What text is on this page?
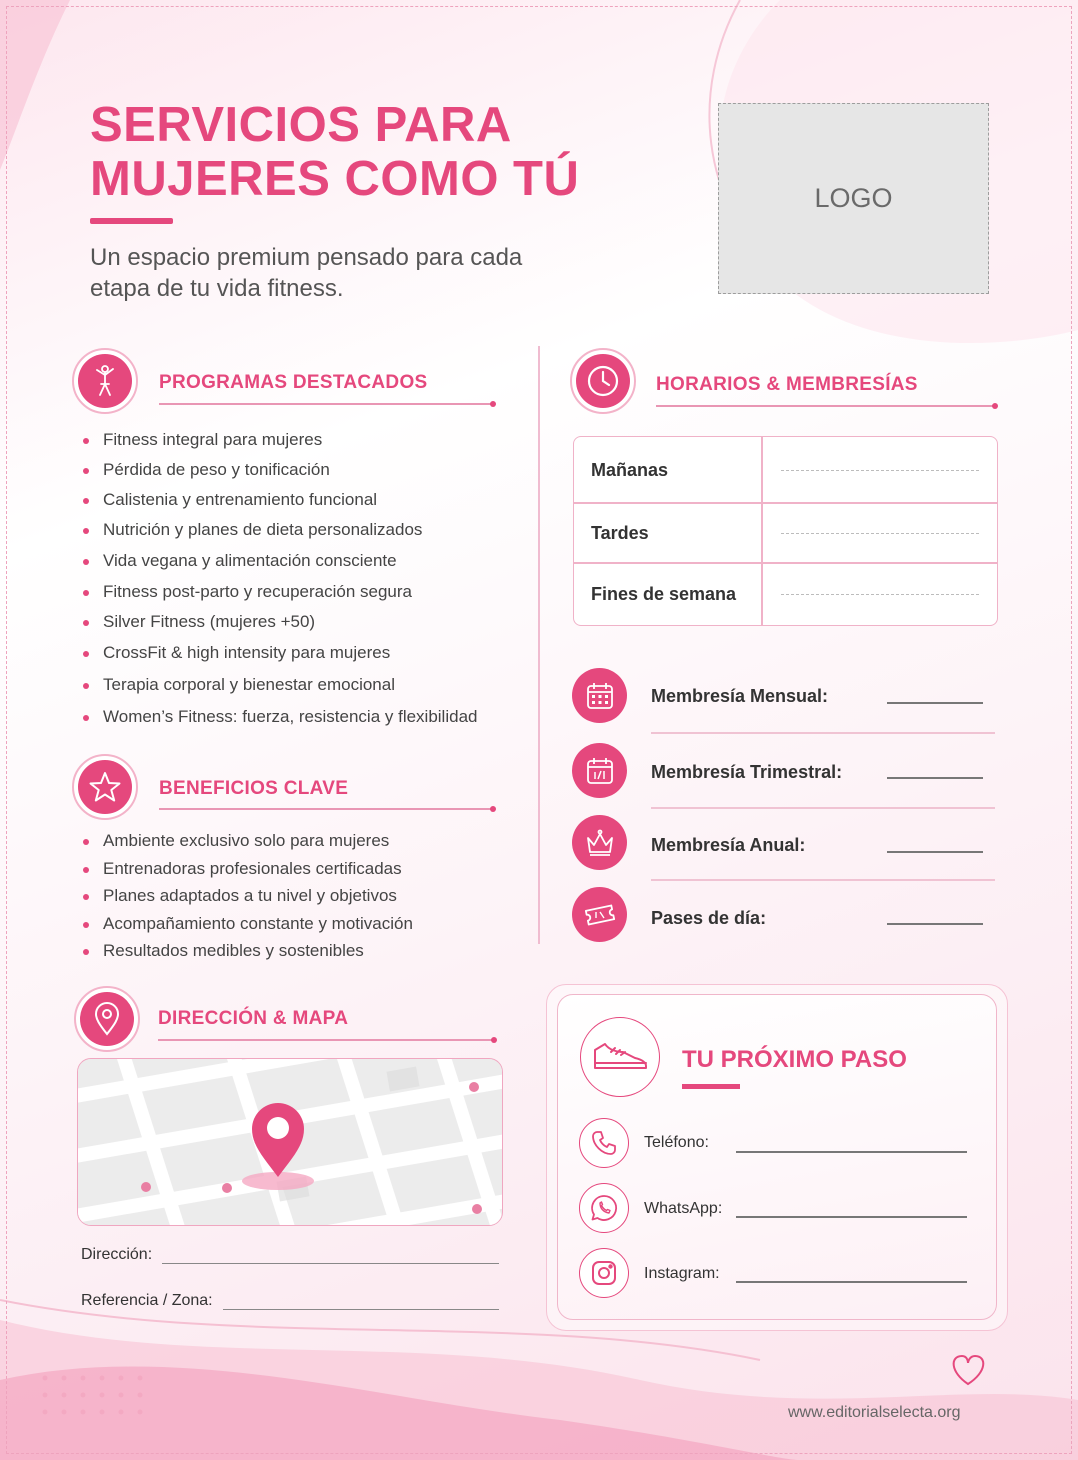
SERVICIOS PARA
MUJERES COMO TÚ
Un espacio premium pensado para cada etapa de tu vida fitness.
LOGO
PROGRAMAS DESTACADOS
Fitness integral para mujeres
Pérdida de peso y tonificación
Calistenia y entrenamiento funcional
Nutrición y planes de dieta personalizados
Vida vegana y alimentación consciente
Fitness post-parto y recuperación segura
Silver Fitness (mujeres +50)
CrossFit & high intensity para mujeres
Terapia corporal y bienestar emocional
Women’s Fitness: fuerza, resistencia y flexibilidad
BENEFICIOS CLAVE
Ambiente exclusivo solo para mujeres
Entrenadoras profesionales certificadas
Planes adaptados a tu nivel y objetivos
Acompañamiento constante y motivación
Resultados medibles y sostenibles
HORARIOS & MEMBRESÍAS
Mañanas
Tardes
Fines de semana
Membresía Mensual:
Membresía Trimestral:
Membresía Anual:
Pases de día:
DIRECCIÓN & MAPA
Dirección:
Referencia / Zona:
TU PRÓXIMO PASO
Teléfono:
WhatsApp:
Instagram:
www.editorialselecta.org
